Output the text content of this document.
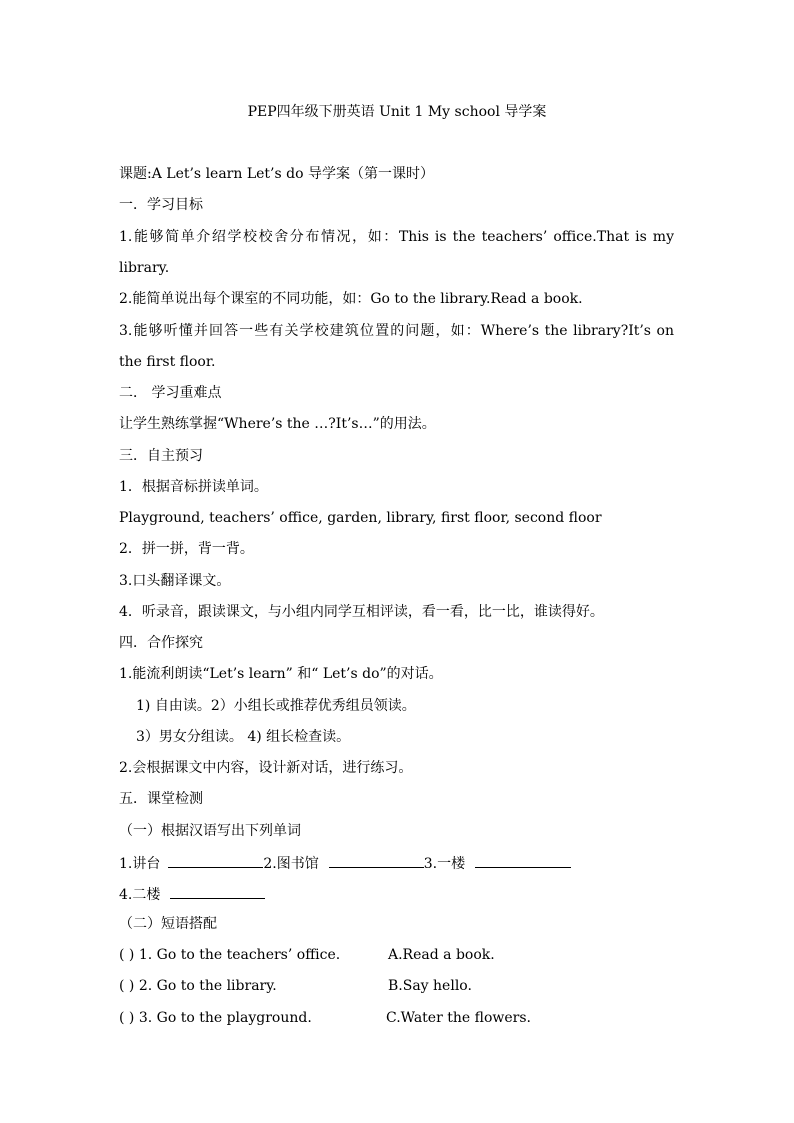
PEP四年级下册英语 Unit 1 My school 导学案
课题:A Let’s learn Let’s do 导学案（第一课时）
一．学习目标
1.能够简单介绍学校校舍分布情况，如：This is the teachers’ office.That is my
library.
2.能简单说出每个课室的不同功能，如：Go to the library.Read a book.
3.能够听懂并回答一些有关学校建筑位置的问题，如：Where’s the library?It’s on
the first floor.
二． 学习重难点
让学生熟练掌握“Where’s the …?It’s…”的用法。
三．自主预习
1．根据音标拼读单词。
Playground, teachers’ office, garden, library, first floor, second floor
2．拼一拼，背一背。
3.口头翻译课文。
4．听录音，跟读课文，与小组内同学互相评读，看一看，比一比，谁读得好。
四．合作探究
1.能流利朗读“Let’s learn” 和“ Let’s do”的对话。
1) 自由读。2）小组长或推荐优秀组员领读。
3）男女分组读。 4) 组长检查读。
2.会根据课文中内容，设计新对话，进行练习。
五．课堂检测
（一）根据汉语写出下列单词
1.讲台	2.图书馆	3.一楼
4.二楼
（二）短语搭配
( ) 1. Go to the teachers’ office.	A.Read a book.
( ) 2. Go to the library.	B.Say hello.
( ) 3. Go to the playground.	C.Water the flowers.
